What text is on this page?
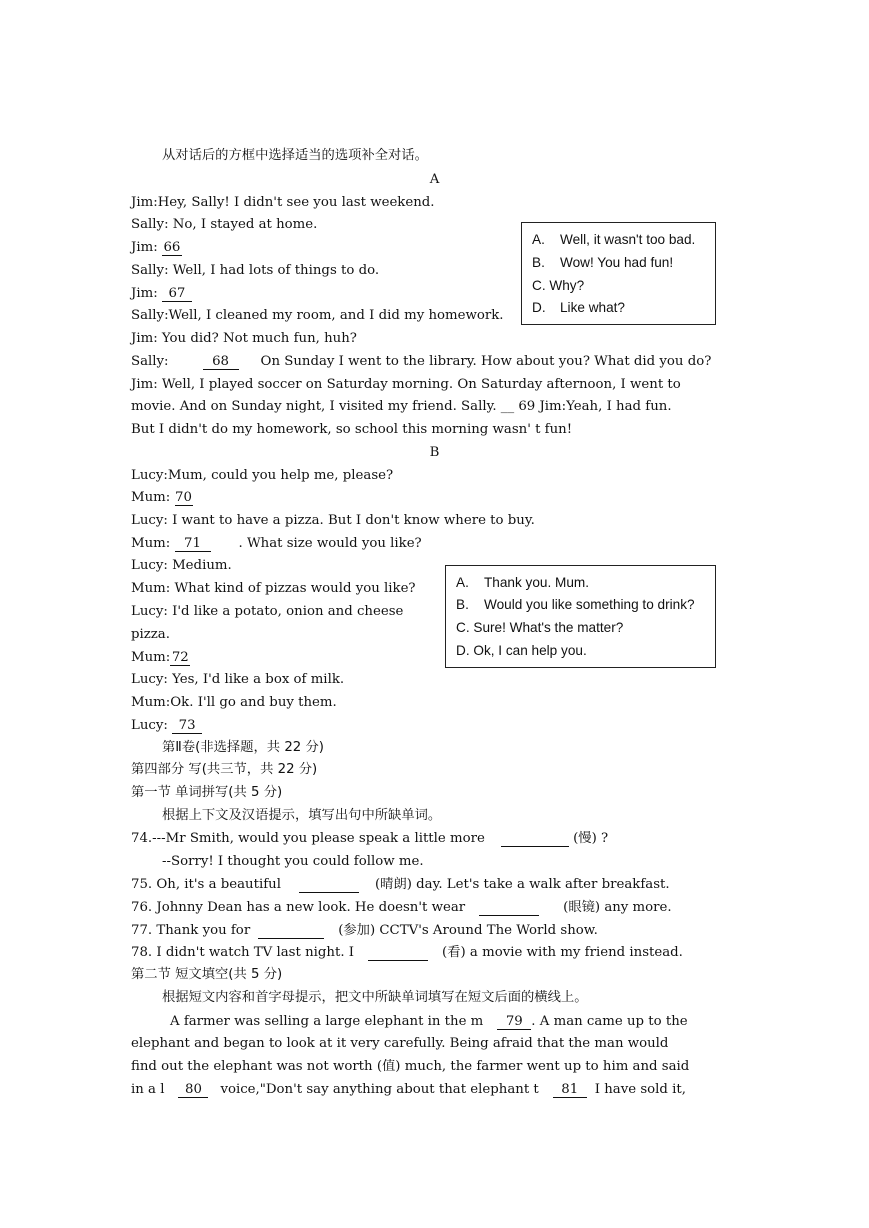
从对话后的方框中选择适当的选项补全对话。
A
Jim:Hey, Sally! I didn't see you last weekend.
Sally: No, I stayed at home.
Jim: 66
Sally: Well, I had lots of things to do.
Jim: 67
Sally:Well, I cleaned my room, and I did my homework.
Jim: You did? Not much fun, huh?
Sally:	68 On Sunday I went to the library. How about you? What did you do?
Jim: Well, I played soccer on Saturday morning. On Saturday afternoon, I went to
movie. And on Sunday night, I visited my friend. Sally. __ 69 Jim:Yeah, I had fun.
But I didn't do my homework, so school this morning wasn' t fun!
A. Well, it wasn't too bad.
B. Wow! You had fun!
C. Why?
D. Like what?
B
Lucy:Mum, could you help me, please?
Mum: 70
Lucy: I want to have a pizza. But I don't know where to buy.
Mum: 71	. What size would you like?
Lucy: Medium.
Mum: What kind of pizzas would you like?
Lucy: I'd like a potato, onion and cheese
pizza.
Mum: 72
Lucy: Yes, I'd like a box of milk.
Mum:Ok. I'll go and buy them.
Lucy: 73
A. Thank you. Mum.
B. Would you like something to drink?
C. Sure! What's the matter?
D. Ok, I can help you.
第Ⅱ卷(非选择题，共 22 分)
第四部分 写(共三节，共 22 分)
第一节 单词拼写(共 5 分)
根据上下文及汉语提示，填写出句中所缺单词。
74.---Mr Smith, would you please speak a little more	(慢) ?
--Sorry! I thought you could follow me.
75. Oh, it's a beautiful	(晴朗) day. Let's take a walk after breakfast.
76. Johnny Dean has a new look. He doesn't wear	(眼镜) any more.
77. Thank you for	(参加) CCTV's Around The World show.
78. I didn't watch TV last night. I	(看) a movie with my friend instead.
第二节 短文填空(共 5 分)
根据短文内容和首字母提示，把文中所缺单词填写在短文后面的横线上。
A farmer was selling a large elephant in the m 79 . A man came up to the
elephant and began to look at it very carefully. Being afraid that the man would
find out the elephant was not worth (值) much, the farmer went up to him and said
in a l 80 voice,"Don't say anything about that elephant t 81 I have sold it,
